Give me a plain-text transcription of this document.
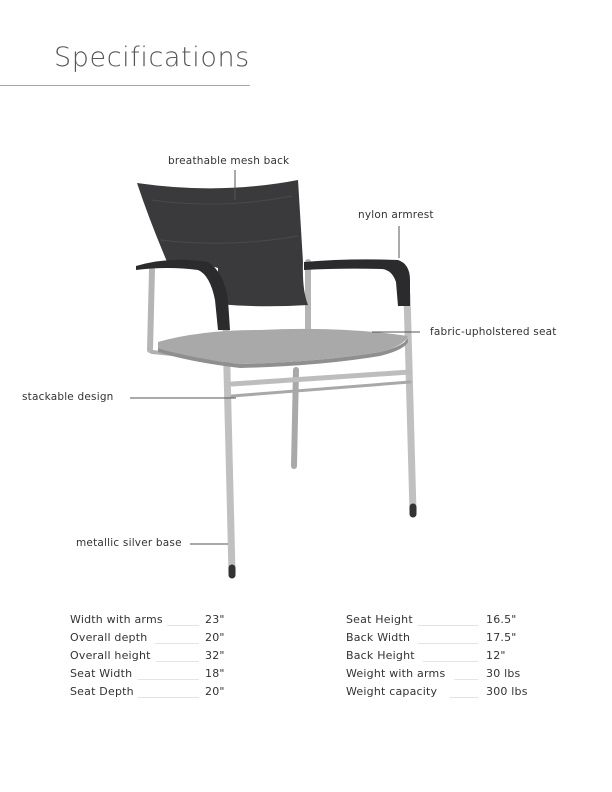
Specifications
breathable mesh back
nylon armrest
fabric-upholstered seat
stackable design
metallic silver base
Width with arms	23"
Overall depth	20"
Overall height	32"
Seat Width	18"
Seat Depth	20"
Seat Height	16.5"
Back Width	17.5"
Back Height	12"
Weight with arms	30 lbs
Weight capacity	300 lbs
